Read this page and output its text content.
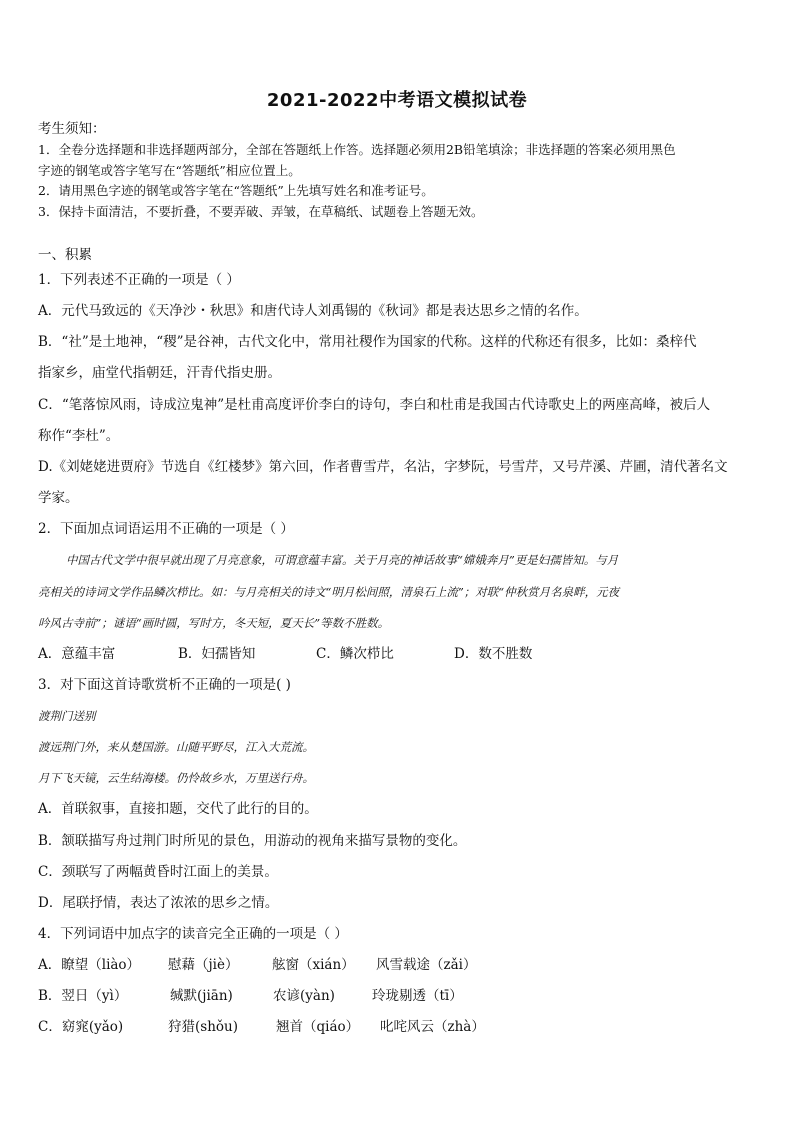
2021-2022中考语文模拟试卷
考生须知：
1．全卷分选择题和非选择题两部分，全部在答题纸上作答。选择题必须用2B铅笔填涂；非选择题的答案必须用黑色
字迹的钢笔或答字笔写在“答题纸”相应位置上。
2．请用黑色字迹的钢笔或答字笔在“答题纸”上先填写姓名和准考证号。
3．保持卡面清洁，不要折叠，不要弄破、弄皱，在草稿纸、试题卷上答题无效。
一、积累
1．下列表述不正确的一项是（ ）
A．元代马致远的《天净沙・秋思》和唐代诗人刘禹锡的《秋词》都是表达思乡之情的名作。
B．“社”是土地神，“稷”是谷神，古代文化中，常用社稷作为国家的代称。这样的代称还有很多，比如：桑梓代
指家乡，庙堂代指朝廷，汗青代指史册。
C．“笔落惊风雨，诗成泣鬼神”是杜甫高度评价李白的诗句，李白和杜甫是我国古代诗歌史上的两座高峰，被后人
称作“李杜”。
D.《刘姥姥进贾府》节选自《红楼梦》第六回，作者曹雪芹，名沾，字梦阮，号雪芹，又号芹溪、芹圃，清代著名文
学家。
2．下面加点词语运用不正确的一项是（ ）
中国古代文学中很早就出现了月亮意象，可谓意蕴丰富。关于月亮的神话故事“嫦娥奔月”更是妇孺皆知。与月
亮相关的诗词文学作品鳞次栉比。如：与月亮相关的诗文“明月松间照，清泉石上流”；对联“仲秋赏月名泉畔，元夜
吟风古寺前”；谜语“画时圆，写时方，冬天短，夏天长”等数不胜数。
A．意蕴丰富	B．妇孺皆知	C．鳞次栉比	D．数不胜数
3．对下面这首诗歌赏析不正确的一项是( )
渡荆门送别
渡远荆门外，来从楚国游。山随平野尽，江入大荒流。
月下飞天镜，云生结海楼。仍怜故乡水，万里送行舟。
A．首联叙事，直接扣题，交代了此行的目的。
B．颔联描写舟过荆门时所见的景色，用游动的视角来描写景物的变化。
C．颈联写了两幅黄昏时江面上的美景。
D．尾联抒情，表达了浓浓的思乡之情。
4．下列词语中加点字的读音完全正确的一项是（ ）
A．瞭望（liào） 慰藉（jiè） 舷窗（xián） 风雪载途（zǎi）
B．翌日（yì）	缄默(jiān)	农谚(yàn)	玲珑剔透（tī）
C．窈窕(yǎo)	狩猎(shǒu)	翘首（qiáo） 叱咤风云（zhà）
